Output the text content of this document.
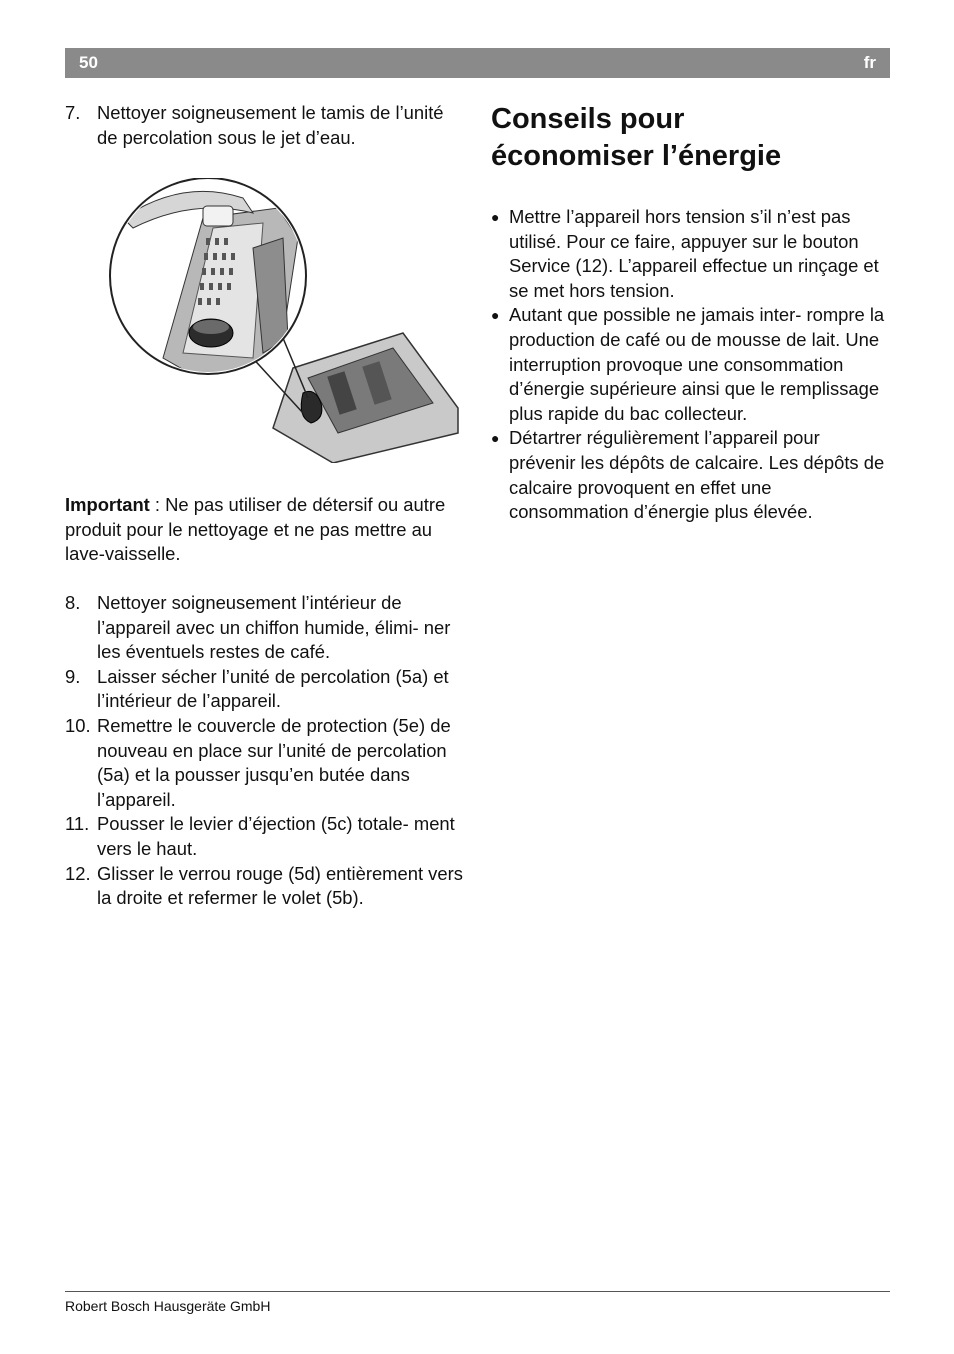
50	fr
7. Nettoyer soigneusement le tamis de l’unité de percolation sous le jet d’eau.
Important : Ne pas utiliser de détersif ou autre produit pour le nettoyage et ne pas mettre au lave-vaisselle.
8. Nettoyer soigneusement l’intérieur de l’appareil avec un chiffon humide, élimi- ner les éventuels restes de café.
9. Laisser sécher l’unité de percolation (5a) et l’intérieur de l’appareil.
10. Remettre le couvercle de protection (5e) de nouveau en place sur l’unité de percolation (5a) et la pousser jusqu’en butée dans l’appareil.
11. Pousser le levier d’éjection (5c) totale- ment vers le haut.
12. Glisser le verrou rouge (5d) entièrement vers la droite et refermer le volet (5b).
Conseils pour
économiser l’énergie
● Mettre l’appareil hors tension s’il n’est pas utilisé. Pour ce faire, appuyer sur le bouton Service (12). L’appareil effectue un rinçage et se met hors tension.
● Autant que possible ne jamais inter- rompre la production de café ou de mousse de lait. Une interruption provoque une consommation d’énergie supérieure ainsi que le remplissage plus rapide du bac collecteur.
● Détartrer régulièrement l’appareil pour prévenir les dépôts de calcaire. Les dépôts de calcaire provoquent en effet une consommation d’énergie plus élevée.
Robert Bosch Hausgeräte GmbH
